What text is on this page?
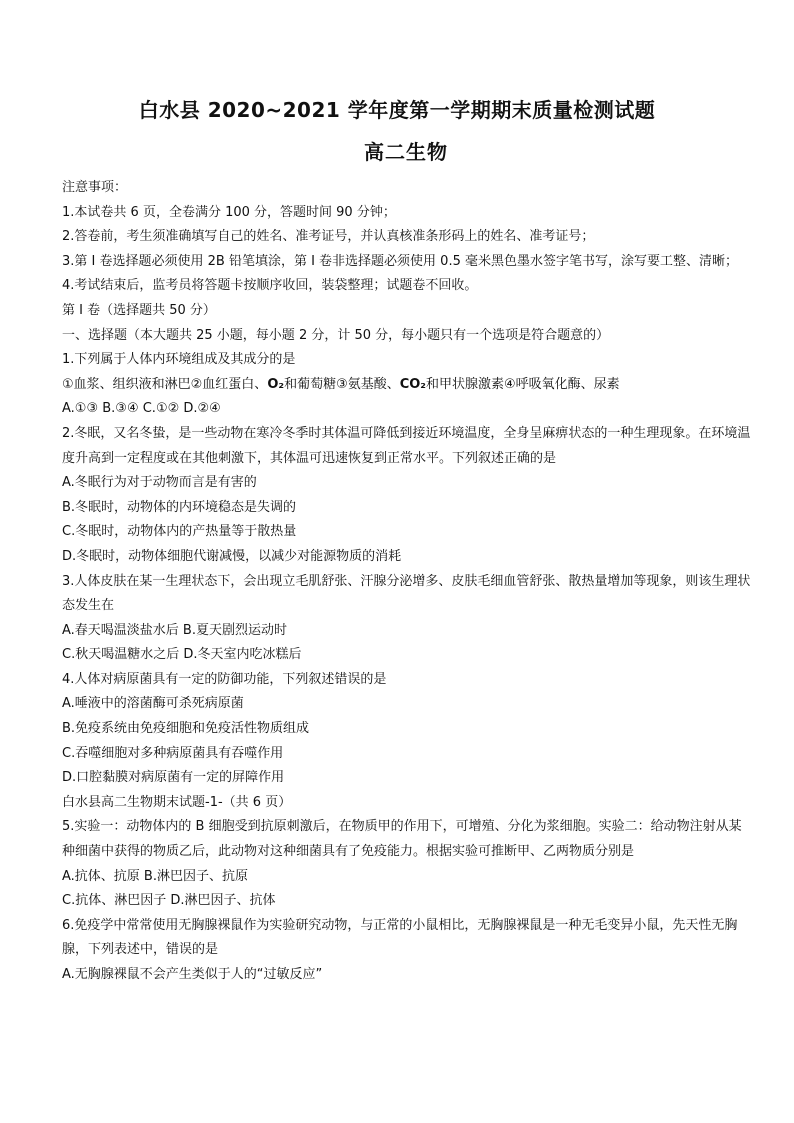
白水县 2020~2021 学年度第一学期期末质量检测试题
高二生物
注意事项：
1.本试卷共 6 页，全卷满分 100 分，答题时间 90 分钟；
2.答卷前，考生须准确填写自己的姓名、准考证号，并认真核准条形码上的姓名、准考证号；
3.第 I 卷选择题必须使用 2B 铅笔填涂，第 I 卷非选择题必须使用 0.5 毫米黑色墨水签字笔书写，涂写要工整、清晰；
4.考试结束后，监考员将答题卡按顺序收回，装袋整理；试题卷不回收。
第 I 卷（选择题共 50 分）
一、选择题（本大题共 25 小题，每小题 2 分，计 50 分，每小题只有一个选项是符合题意的）
1.下列属于人体内环境组成及其成分的是
①血浆、组织液和淋巴②血红蛋白、O₂和葡萄糖③氨基酸、CO₂和甲状腺激素④呼吸氧化酶、尿素
A.①③ B.③④ C.①② D.②④
2.冬眠，又名冬蛰，是一些动物在寒冷冬季时其体温可降低到接近环境温度，全身呈麻痹状态的一种生理现象。在环境温度升高到一定程度或在其他刺激下，其体温可迅速恢复到正常水平。下列叙述正确的是
A.冬眠行为对于动物而言是有害的
B.冬眠时，动物体的内环境稳态是失调的
C.冬眠时，动物体内的产热量等于散热量
D.冬眠时，动物体细胞代谢减慢，以减少对能源物质的消耗
3.人体皮肤在某一生理状态下，会出现立毛肌舒张、汗腺分泌增多、皮肤毛细血管舒张、散热量增加等现象，则该生理状态发生在
A.春天喝温淡盐水后 B.夏天剧烈运动时
C.秋天喝温糖水之后 D.冬天室内吃冰糕后
4.人体对病原菌具有一定的防御功能，下列叙述错误的是
A.唾液中的溶菌酶可杀死病原菌
B.免疫系统由免疫细胞和免疫活性物质组成
C.吞噬细胞对多种病原菌具有吞噬作用
D.口腔黏膜对病原菌有一定的屏障作用
白水县高二生物期末试题-1-（共 6 页）
5.实验一：动物体内的 B 细胞受到抗原刺激后，在物质甲的作用下，可增殖、分化为浆细胞。实验二：给动物注射从某种细菌中获得的物质乙后，此动物对这种细菌具有了免疫能力。根据实验可推断甲、乙两物质分别是
A.抗体、抗原 B.淋巴因子、抗原
C.抗体、淋巴因子 D.淋巴因子、抗体
6.免疫学中常常使用无胸腺裸鼠作为实验研究动物，与正常的小鼠相比，无胸腺裸鼠是一种无毛变异小鼠，先天性无胸腺，下列表述中，错误的是
A.无胸腺裸鼠不会产生类似于人的“过敏反应”
